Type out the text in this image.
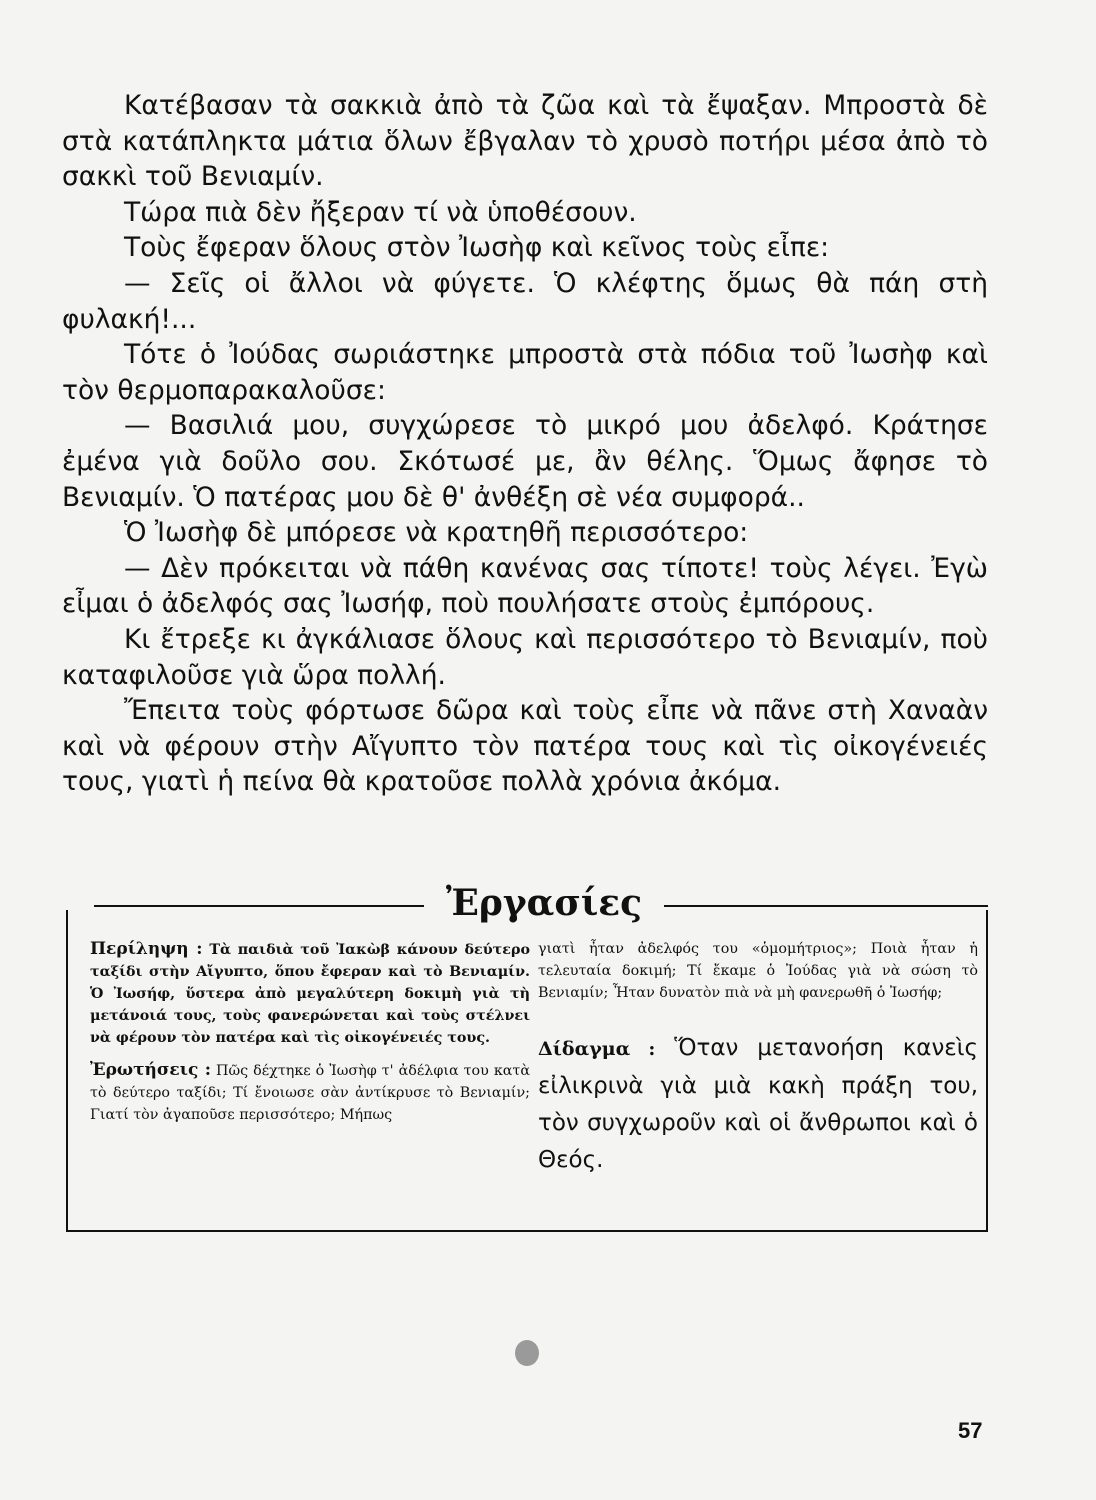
Κατέβασαν τὰ σακκιὰ ἀπὸ τὰ ζῶα καὶ τὰ ἔψαξαν. Μπροστὰ δὲ στὰ κατάπληκτα μάτια ὅλων ἔβγαλαν τὸ χρυσὸ ποτήρι μέσα ἀπὸ τὸ σακκὶ τοῦ Βενιαμίν.

Τώρα πιὰ δὲν ἤξεραν τί νὰ ὑποθέσουν.

Τοὺς ἔφεραν ὅλους στὸν Ἰωσὴφ καὶ κεῖνος τοὺς εἶπε:

— Σεῖς οἱ ἄλλοι νὰ φύγετε. Ὁ κλέφτης ὅμως θὰ πάη στὴ φυλακή!...

Τότε ὁ Ἰούδας σωριάστηκε μπροστὰ στὰ πόδια τοῦ Ἰωσὴφ καὶ τὸν θερμοπαρακαλοῦσε:

— Βασιλιά μου, συγχώρεσε τὸ μικρό μου ἀδελφό. Κράτησε ἐμένα γιὰ δοῦλο σου. Σκότωσέ με, ἂν θέλης. Ὅμως ἄφησε τὸ Βενιαμίν. Ὁ πατέρας μου δὲ θ' ἀνθέξη σὲ νέα συμφορά..

Ὁ Ἰωσὴφ δὲ μπόρεσε νὰ κρατηθῆ περισσότερο:

— Δὲν πρόκειται νὰ πάθη κανένας σας τίποτε! τοὺς λέγει. Ἐγὼ εἶμαι ὁ ἀδελφός σας Ἰωσήφ, ποὺ πουλήσατε στοὺς ἐμπόρους.

Κι ἔτρεξε κι ἀγκάλιασε ὅλους καὶ περισσότερο τὸ Βενιαμίν, ποὺ καταφιλοῦσε γιὰ ὥρα πολλή.

Ἔπειτα τοὺς φόρτωσε δῶρα καὶ τοὺς εἶπε νὰ πᾶνε στὴ Χαναὰν καὶ νὰ φέρουν στὴν Αἴγυπτο τὸν πατέρα τους καὶ τὶς οἰκογένειές τους, γιατὶ ἡ πείνα θὰ κρατοῦσε πολλὰ χρόνια ἀκόμα.

Ἐργασίες

Περίληψη : Τὰ παιδιὰ τοῦ Ἰακὼβ κάνουν δεύτερο ταξίδι στὴν Αἴγυπτο, ὅπου ἔφεραν καὶ τὸ Βενιαμίν. Ὁ Ἰωσήφ, ὕστερα ἀπὸ μεγαλύτερη δοκιμὴ γιὰ τὴ μετάνοιά τους, τοὺς φανερώνεται καὶ τοὺς στέλνει νὰ φέρουν τὸν πατέρα καὶ τὶς οἰκογένειές τους.

Ἐρωτήσεις : Πῶς δέχτηκε ὁ Ἰωσὴφ τ' ἀδέλφια του κατὰ τὸ δεύτερο ταξίδι; Τί ἔνοιωσε σὰν ἀντίκρυσε τὸ Βενιαμίν; Γιατί τὸν ἀγαποῦσε περισσότερο; Μήπως

γιατὶ ἦταν ἀδελφός του «ὁμομήτριος»; Ποιὰ ἦταν ἡ τελευταία δοκιμή; Τί ἔκαμε ὁ Ἰούδας γιὰ νὰ σώση τὸ Βενιαμίν; Ἦταν δυνατὸν πιὰ νὰ μὴ φανερωθῆ ὁ Ἰωσήφ;

Δίδαγμα : Ὅταν μετανοήση κανεὶς εἰλικρινὰ γιὰ μιὰ κακὴ πράξη του, τὸν συγχωροῦν καὶ οἱ ἄνθρωποι καὶ ὁ Θεός.

57
